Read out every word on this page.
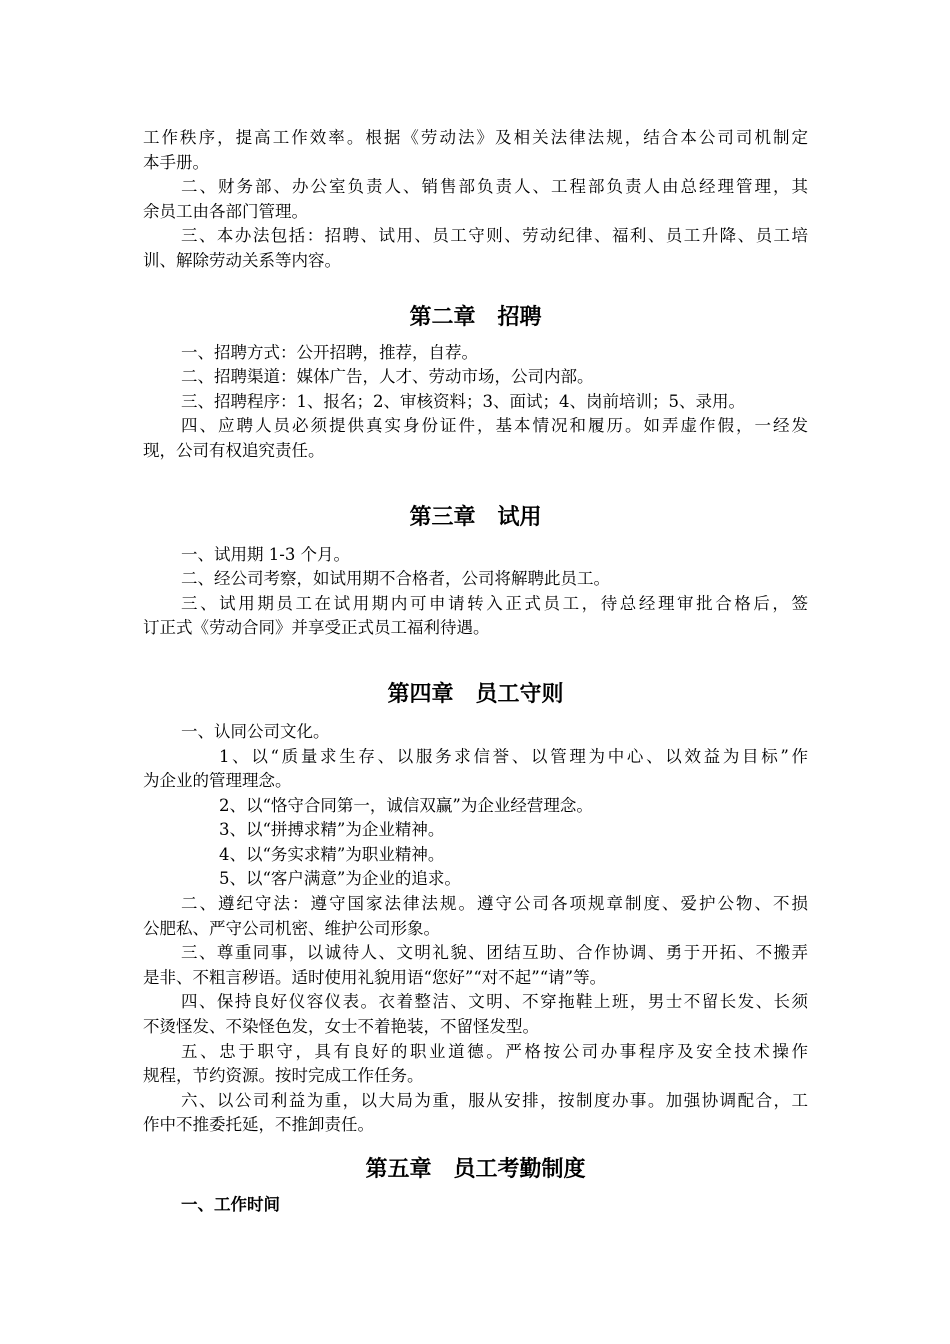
工作秩序，提高工作效率。根据《劳动法》及相关法律法规，结合本公司司机制定
本手册。
二、财务部、办公室负责人、销售部负责人、工程部负责人由总经理管理，其
余员工由各部门管理。
三、本办法包括：招聘、试用、员工守则、劳动纪律、福利、员工升降、员工培
训、解除劳动关系等内容。
第二章　招聘
一、招聘方式：公开招聘，推荐，自荐。
二、招聘渠道：媒体广告，人才、劳动市场，公司内部。
三、招聘程序：1、报名；2、审核资料；3、面试；4、岗前培训；5、录用。
四、应聘人员必须提供真实身份证件，基本情况和履历。如弄虚作假，一经发
现，公司有权追究责任。
第三章　试用
一、试用期 1-3 个月。
二、经公司考察，如试用期不合格者，公司将解聘此员工。
三、试用期员工在试用期内可申请转入正式员工，待总经理审批合格后，签
订正式《劳动合同》并享受正式员工福利待遇。
第四章　员工守则
一、认同公司文化。
1、以“质量求生存、以服务求信誉、以管理为中心、以效益为目标”作
为企业的管理理念。
2、以“恪守合同第一，诚信双赢”为企业经营理念。
3、以“拼搏求精”为企业精神。
4、以“务实求精”为职业精神。
5、以“客户满意”为企业的追求。
二、遵纪守法：遵守国家法律法规。遵守公司各项规章制度、爱护公物、不损
公肥私、严守公司机密、维护公司形象。
三、尊重同事，以诚待人、文明礼貌、团结互助、合作协调、勇于开拓、不搬弄
是非、不粗言秽语。适时使用礼貌用语“您好”“对不起”“请”等。
四、保持良好仪容仪表。衣着整洁、文明、不穿拖鞋上班，男士不留长发、长须
不烫怪发、不染怪色发，女士不着艳装，不留怪发型。
五、忠于职守，具有良好的职业道德。严格按公司办事程序及安全技术操作
规程，节约资源。按时完成工作任务。
六、以公司利益为重，以大局为重，服从安排，按制度办事。加强协调配合，工
作中不推委托延，不推卸责任。
第五章　员工考勤制度
一、工作时间
